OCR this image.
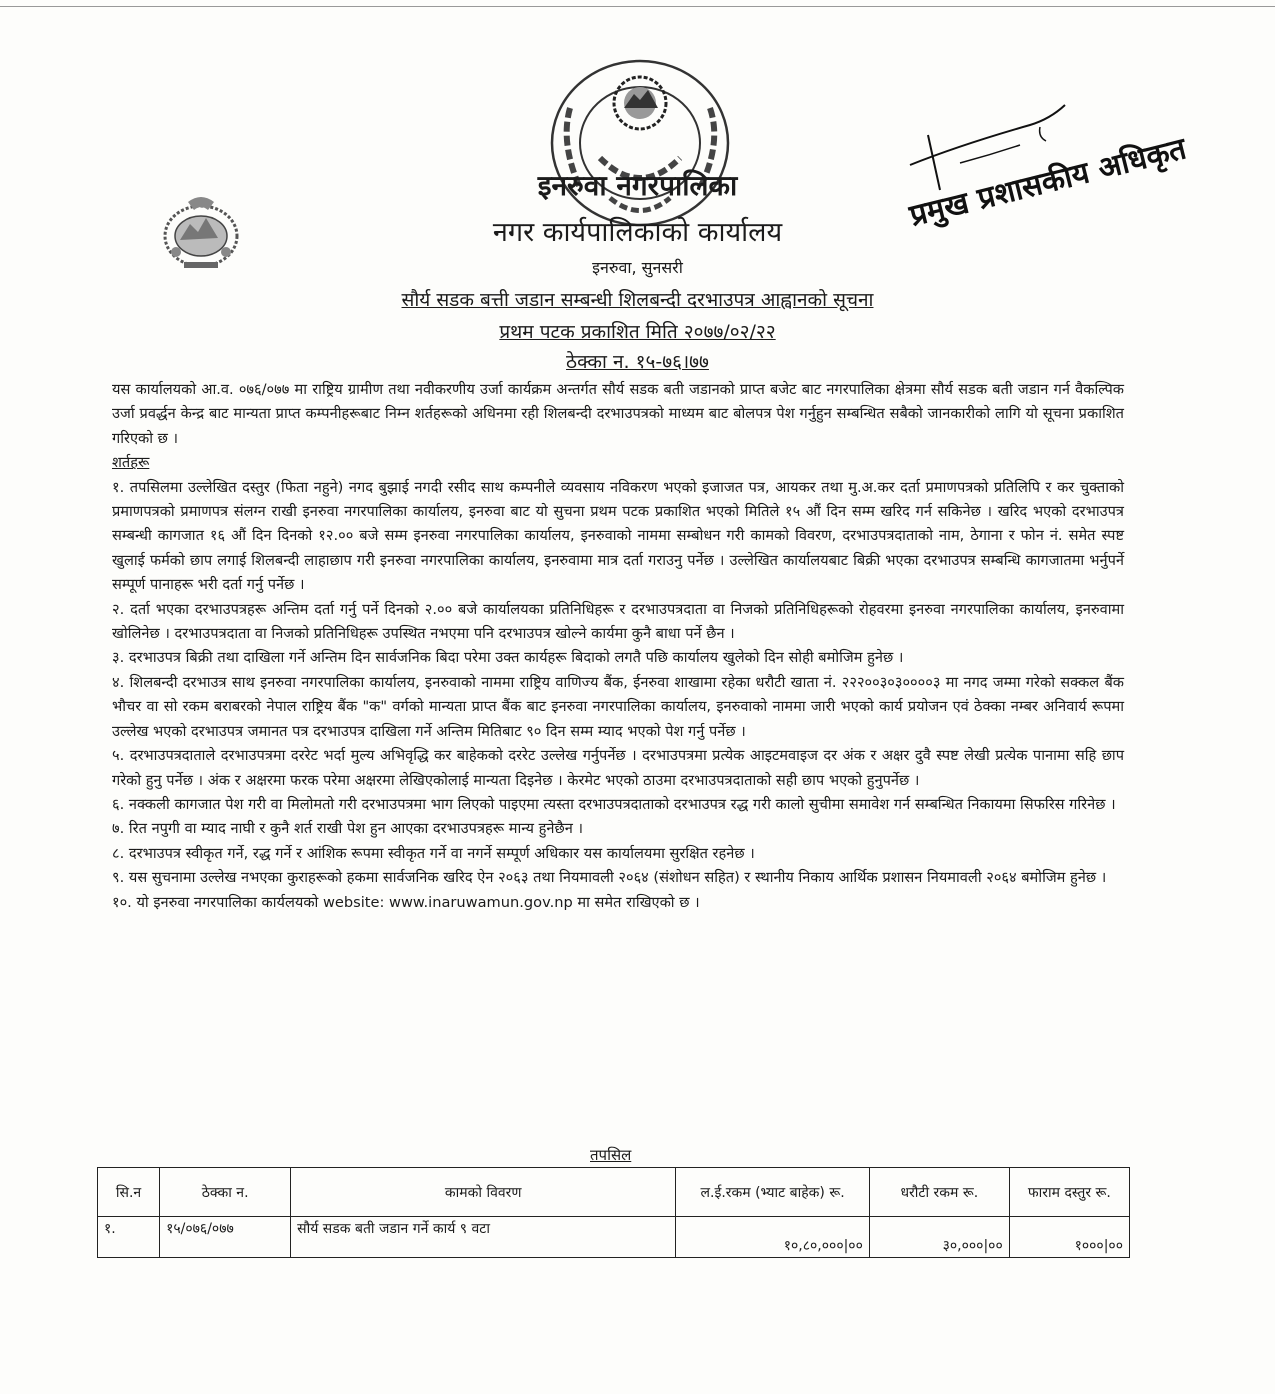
प्रमुख प्रशासकीय अधिकृत
इनरुवा नगरपालिका
नगर कार्यपालिकाको कार्यालय
इनरुवा, सुनसरी
सौर्य सडक बत्ती जडान सम्बन्धी शिलबन्दी दरभाउपत्र आह्वानको सूचना
प्रथम पटक प्रकाशित मिति २०७७/०२/२२
ठेक्का न. १५-७६।७७

यस कार्यालयको आ.व. ०७६/०७७ मा राष्ट्रिय ग्रामीण तथा नवीकरणीय उर्जा कार्यक्रम अन्तर्गत सौर्य सडक बती जडानको प्राप्त बजेट बाट नगरपालिका क्षेत्रमा सौर्य सडक बती जडान गर्न वैकल्पिक उर्जा प्रवर्द्धन केन्द्र बाट मान्यता प्राप्त कम्पनीहरूबाट निम्न शर्तहरूको अधिनमा रही शिलबन्दी दरभाउपत्रको माध्यम बाट बोलपत्र पेश गर्नुहुन सम्बन्धित सबैको जानकारीको लागि यो सूचना प्रकाशित गरिएको छ ।

शर्तहरू

१. तपसिलमा उल्लेखित दस्तुर (फिता नहुने) नगद बुझाई नगदी रसीद साथ कम्पनीले व्यवसाय नविकरण भएको इजाजत पत्र, आयकर तथा मु.अ.कर दर्ता प्रमाणपत्रको प्रतिलिपि र कर चुक्ताको प्रमाणपत्रको प्रमाणपत्र संलग्न राखी इनरुवा नगरपालिका कार्यालय, इनरुवा बाट यो सुचना प्रथम पटक प्रकाशित भएको मितिले १५ औं दिन सम्म खरिद गर्न सकिनेछ । खरिद भएको दरभाउपत्र सम्बन्धी कागजात १६ औं दिन दिनको १२.०० बजे सम्म इनरुवा नगरपालिका कार्यालय, इनरुवाको नाममा सम्बोधन गरी कामको विवरण, दरभाउपत्रदाताको नाम, ठेगाना र फोन नं. समेत स्पष्ट खुलाई फर्मको छाप लगाई शिलबन्दी लाहाछाप गरी इनरुवा नगरपालिका कार्यालय, इनरुवामा मात्र दर्ता गराउनु पर्नेछ । उल्लेखित कार्यालयबाट बिक्री भएका दरभाउपत्र सम्बन्धि कागजातमा भर्नुपर्ने सम्पूर्ण पानाहरू भरी दर्ता गर्नु पर्नेछ ।

२. दर्ता भएका दरभाउपत्रहरू अन्तिम दर्ता गर्नु पर्ने दिनको २.०० बजे कार्यालयका प्रतिनिधिहरू र दरभाउपत्रदाता वा निजको प्रतिनिधिहरूको रोहवरमा इनरुवा नगरपालिका कार्यालय, इनरुवामा खोलिनेछ । दरभाउपत्रदाता वा निजको प्रतिनिधिहरू उपस्थित नभएमा पनि दरभाउपत्र खोल्ने कार्यमा कुनै बाधा पर्ने छैन ।

३. दरभाउपत्र बिक्री तथा दाखिला गर्ने अन्तिम दिन सार्वजनिक बिदा परेमा उक्त कार्यहरू बिदाको लगतै पछि कार्यालय खुलेको दिन सोही बमोजिम हुनेछ ।

४. शिलबन्दी दरभाउत्र साथ इनरुवा नगरपालिका कार्यालय, इनरुवाको नाममा राष्ट्रिय वाणिज्य बैंक, ईनरुवा शाखामा रहेका धरौटी खाता नं. २२२००३०३००००३ मा नगद जम्मा गरेको सक्कल बैंक भौचर वा सो रकम बराबरको नेपाल राष्ट्रिय बैंक "क" वर्गको मान्यता प्राप्त बैंक बाट इनरुवा नगरपालिका कार्यालय, इनरुवाको नाममा जारी भएको कार्य प्रयोजन एवं ठेक्का नम्बर अनिवार्य रूपमा उल्लेख भएको दरभाउपत्र जमानत पत्र दरभाउपत्र दाखिला गर्ने अन्तिम मितिबाट ९० दिन सम्म म्याद भएको पेश गर्नु पर्नेछ ।

५. दरभाउपत्रदाताले दरभाउपत्रमा दररेट भर्दा मुल्य अभिवृद्धि कर बाहेकको दररेट उल्लेख गर्नुपर्नेछ । दरभाउपत्रमा प्रत्येक आइटमवाइज दर अंक र अक्षर दुवै स्पष्ट लेखी प्रत्येक पानामा सहि छाप गरेको हुनु पर्नेछ । अंक र अक्षरमा फरक परेमा अक्षरमा लेखिएकोलाई मान्यता दिइनेछ । केरमेट भएको ठाउमा दरभाउपत्रदाताको सही छाप भएको हुनुपर्नेछ ।

६. नक्कली कागजात पेश गरी वा मिलोमतो गरी दरभाउपत्रमा भाग लिएको पाइएमा त्यस्ता दरभाउपत्रदाताको दरभाउपत्र रद्ध गरी कालो सुचीमा समावेश गर्न सम्बन्धित निकायमा सिफरिस गरिनेछ ।

७. रित नपुगी वा म्याद नाघी र कुनै शर्त राखी पेश हुन आएका दरभाउपत्रहरू मान्य हुनेछैन ।

८. दरभाउपत्र स्वीकृत गर्ने, रद्ध गर्ने र आंशिक रूपमा स्वीकृत गर्ने वा नगर्ने सम्पूर्ण अधिकार यस कार्यालयमा सुरक्षित रहनेछ ।

९. यस सुचनामा उल्लेख नभएका कुराहरूको हकमा सार्वजनिक खरिद ऐन २०६३ तथा नियमावली २०६४ (संशोधन सहित) र स्थानीय निकाय आर्थिक प्रशासन नियमावली २०६४ बमोजिम हुनेछ ।

१०. यो इनरुवा नगरपालिका कार्यलयको website: www.inaruwamun.gov.np मा समेत राखिएको छ ।

तपसिल
सि.न	ठेक्का न.	कामको विवरण	ल.ई.रकम (भ्याट बाहेक) रू.	धरौटी रकम रू.	फाराम दस्तुर रू.
१.	१५/०७६/०७७	सौर्य सडक बती जडान गर्ने कार्य ९ वटा	१०,८०,०००|००	३०,०००|००	१०००|००
